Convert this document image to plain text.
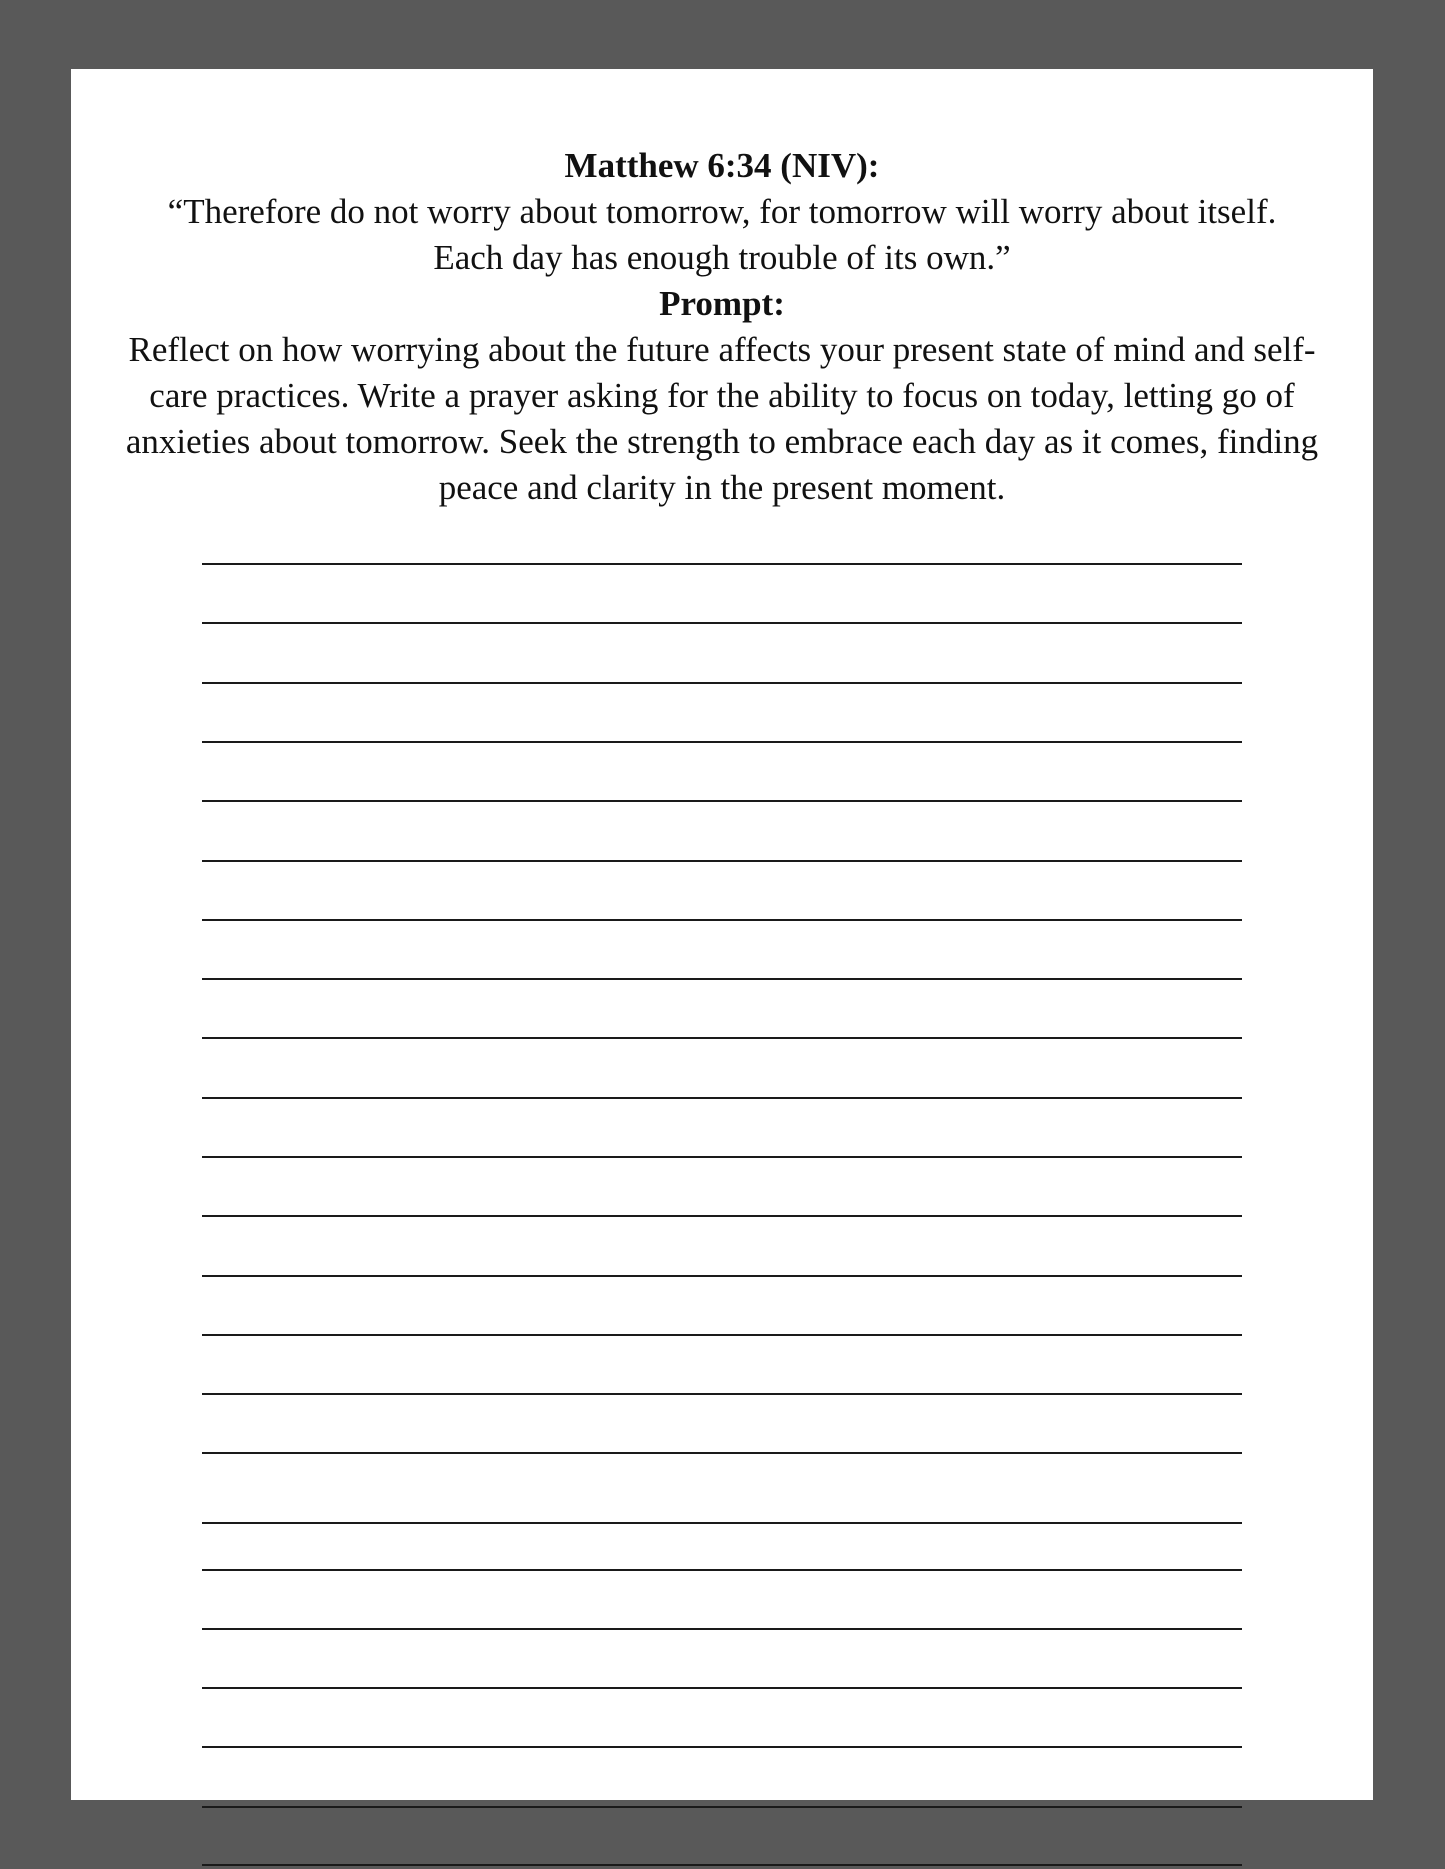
Matthew 6:34 (NIV):
“Therefore do not worry about tomorrow, for tomorrow will worry about itself. Each day has enough trouble of its own.”
Prompt:
Reflect on how worrying about the future affects your present state of mind and self-care practices. Write a prayer asking for the ability to focus on today, letting go of anxieties about tomorrow. Seek the strength to embrace each day as it comes, finding peace and clarity in the present moment.
